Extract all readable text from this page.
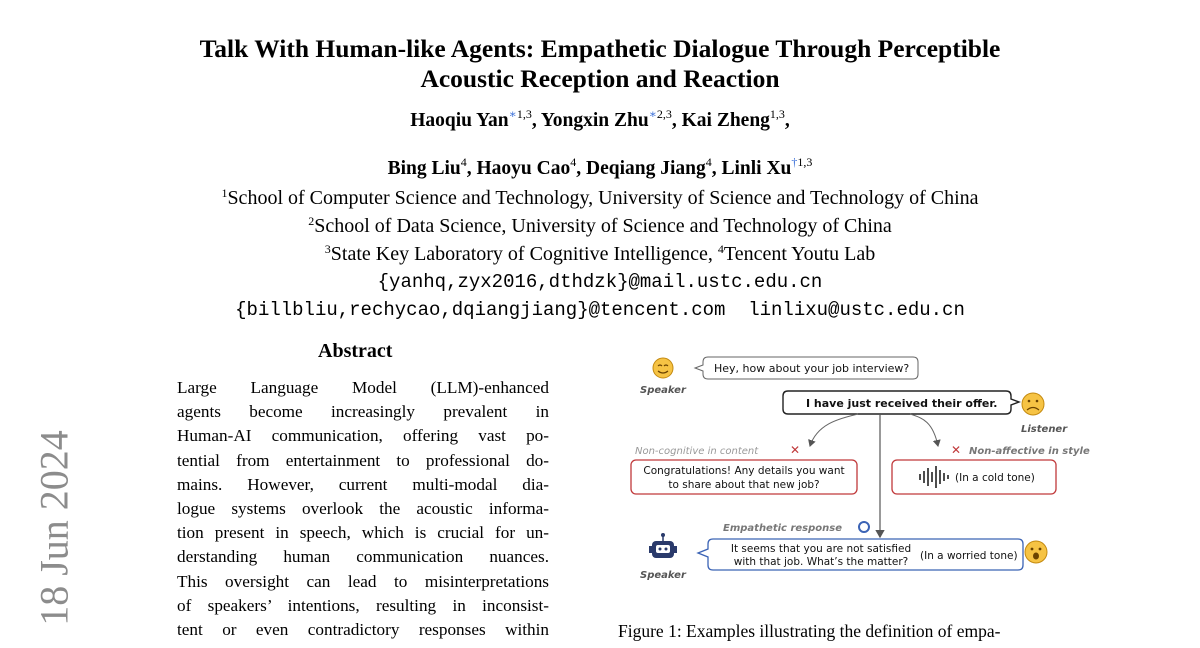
Talk With Human-like Agents: Empathetic Dialogue Through Perceptible
Acoustic Reception and Reaction
Haoqiu Yan$^{∗1,3}$, Yongxin Zhu$^{∗2,3}$, Kai Zheng$^{1,3}$,
Bing Liu$^4$, Haoyu Cao$^4$, Deqiang Jiang$^4$, Linli Xu$^{\dagger 1,3}$
$^1$School of Computer Science and Technology, University of Science and Technology of China
$^2$School of Data Science, University of Science and Technology of China
$^3$State Key Laboratory of Cognitive Intelligence, $^4$Tencent Youtu Lab
{yanhq,zyx2016,dthdzk}@mail.ustc.edu.cn
{billbliu,rechycao,dqiangjiang}@tencent.com  linlixu@ustc.edu.cn
18 Jun 2024
Abstract
Large Language Model (LLM)-enhanced
agents become increasingly prevalent in
Human-AI communication, offering vast po-
tential from entertainment to professional do-
mains. However, current multi-modal dia-
logue systems overlook the acoustic informa-
tion present in speech, which is crucial for un-
derstanding human communication nuances.
This oversight can lead to misinterpretations
of speakers’ intentions, resulting in inconsist-
tent or even contradictory responses within
Speaker
Hey, how about your job interview?
I have just received their offer.
Listener
Non-cognitive in content	✕
Congratulations! Any details you want
to share about that new job?
✕ Non-affective in style
(In a cold tone)
Empathetic response
Speaker
It seems that you are not satisfied
with that job. What’s the matter? (In a worried tone)
Figure 1: Examples illustrating the definition of empa-
